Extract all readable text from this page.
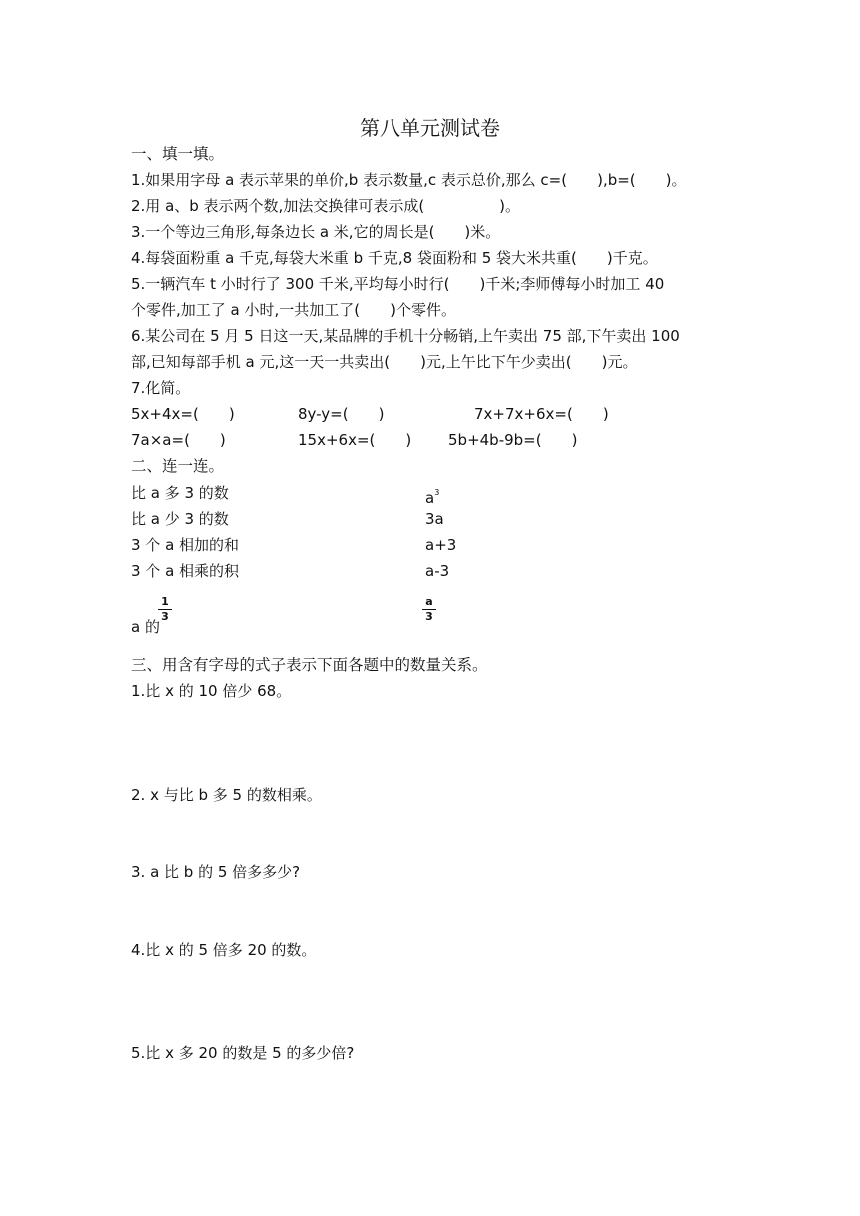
第八单元测试卷
一、填一填。
1.如果用字母 a 表示苹果的单价,b 表示数量,c 表示总价,那么 c=(　　),b=(　　)。
2.用 a、b 表示两个数,加法交换律可表示成(　　　　　)。
3.一个等边三角形,每条边长 a 米,它的周长是(　　)米。
4.每袋面粉重 a 千克,每袋大米重 b 千克,8 袋面粉和 5 袋大米共重(　　)千克。
5.一辆汽车 t 小时行了 300 千米,平均每小时行(　　)千米;李师傅每小时加工 40
个零件,加工了 a 小时,一共加工了(　　)个零件。
6.某公司在 5 月 5 日这一天,某品牌的手机十分畅销,上午卖出 75 部,下午卖出 100
部,已知每部手机 a 元,这一天一共卖出(　　)元,上午比下午少卖出(　　)元。
7.化简。
5x+4x=(　　)	8y-y=(　　)	7x+7x+6x=(　　)
7a×a=(　　)	15x+6x=(　　) 5b+4b-9b=(　　)
二、连一连。
比 a 多 3 的数
比 a 少 3 的数
3 个 a 相加的和
3 个 a 相乘的积
a 的
1
3
$a^3$
3a
a+3
a-3
a
3
三、用含有字母的式子表示下面各题中的数量关系。
1.比 x 的 10 倍少 68。
2. x 与比 b 多 5 的数相乘。
3. a 比 b 的 5 倍多多少?
4.比 x 的 5 倍多 20 的数。
5.比 x 多 20 的数是 5 的多少倍?
